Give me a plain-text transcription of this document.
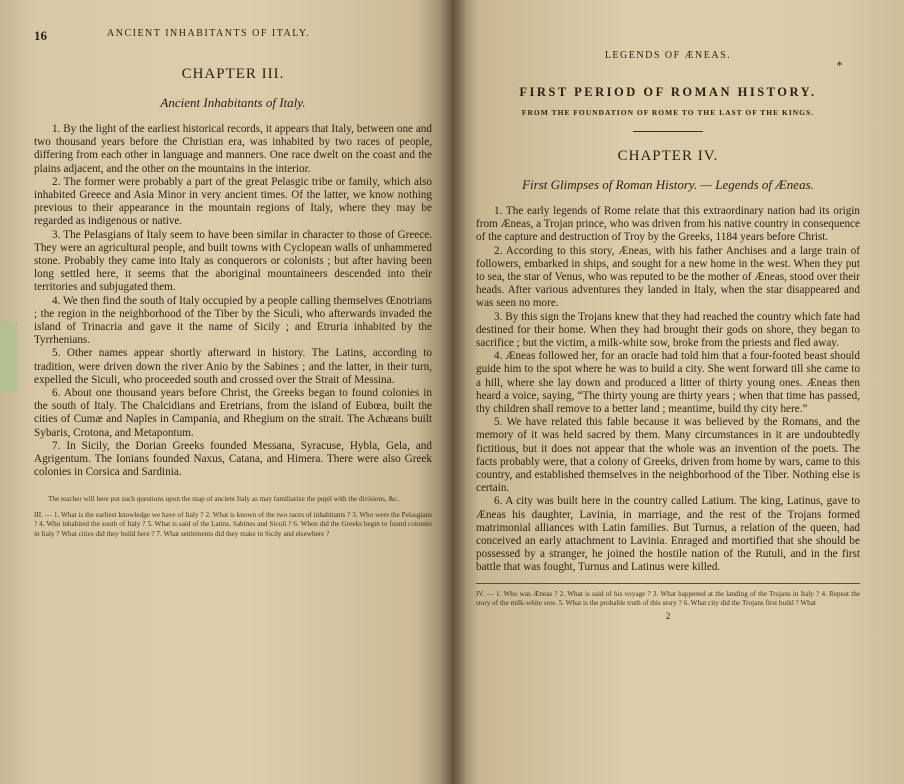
16	ANCIENT INHABITANTS OF ITALY.
CHAPTER III.
Ancient Inhabitants of Italy.

1. By the light of the earliest historical records, it appears that Italy, between one and two thousand years before the Christian era, was inhabited by two races of people, differing from each other in language and manners. One race dwelt on the coast and the plains adjacent, and the other on the mountains in the interior.

2. The former were probably a part of the great Pelasgic tribe or family, which also inhabited Greece and Asia Minor in very ancient times. Of the latter, we know nothing previous to their appearance in the mountain regions of Italy, where they may be regarded as indigenous or native.

3. The Pelasgians of Italy seem to have been similar in character to those of Greece. They were an agricultural people, and built towns with Cyclopean walls of unhammered stone. Probably they came into Italy as conquerors or colonists ; but after having been long settled here, it seems that the aboriginal mountaineers descended into their territories and subjugated them.

4. We then find the south of Italy occupied by a people calling themselves Œnotrians ; the region in the neighborhood of the Tiber by the Siculi, who afterwards invaded the island of Trinacria and gave it the name of Sicily ; and Etruria inhabited by the Tyrrhenians.

5. Other names appear shortly afterward in history. The Latins, according to tradition, were driven down the river Anio by the Sabines ; and the latter, in their turn, expelled the Siculi, who proceeded south and crossed over the Strait of Messina.

6. About one thousand years before Christ, the Greeks began to found colonies in the south of Italy. The Chalcidians and Eretrians, from the island of Eubœa, built the cities of Cumæ and Naples in Campania, and Rhegium on the strait. The Achæans built Sybaris, Crotona, and Metapontum.

7. In Sicily, the Dorian Greeks founded Messana, Syracuse, Hybla, Gela, and Agrigentum. The Ionians founded Naxus, Catana, and Himera. There were also Greek colonies in Corsica and Sardinia.

The teacher will here put such questions upon the map of ancient Italy as may familiarize the pupil with the divisions, &c.

III. — 1. What is the earliest knowledge we have of Italy ? 2. What is known of the two races of inhabitants ? 3. Who were the Pelasgians ? 4. Who inhabited the south of Italy ? 5. What is said of the Latins, Sabines and Siculi ? 6. When did the Greeks begin to found colonies in Italy ? What cities did they build here ? 7. What settlements did they make in Sicily and elsewhere ?
LEGENDS OF ÆNEAS.
*
FIRST PERIOD OF ROMAN HISTORY.
FROM THE FOUNDATION OF ROME TO THE LAST OF THE KINGS.
CHAPTER IV.
First Glimpses of Roman History. — Legends of Æneas.

1. The early legends of Rome relate that this extraordinary nation had its origin from Æneas, a Trojan prince, who was driven from his native country in consequence of the capture and destruction of Troy by the Greeks, 1184 years before Christ.

2. According to this story, Æneas, with his father Anchises and a large train of followers, embarked in ships, and sought for a new home in the west. When they put to sea, the star of Venus, who was reputed to be the mother of Æneas, stood over their heads. After various adventures they landed in Italy, when the star disappeared and was seen no more.

3. By this sign the Trojans knew that they had reached the country which fate had destined for their home. When they had brought their gods on shore, they began to sacrifice ; but the victim, a milk-white sow, broke from the priests and fled away.

4. Æneas followed her, for an oracle had told him that a four-footed beast should guide him to the spot where he was to build a city. She went forward till she came to a hill, where she lay down and produced a litter of thirty young ones. Æneas then heard a voice, saying, “The thirty young are thirty years ; when that time has passed, thy children shall remove to a better land ; meantime, build thy city here.”

5. We have related this fable because it was believed by the Romans, and the memory of it was held sacred by them. Many circumstances in it are undoubtedly fictitious, but it does not appear that the whole was an invention of the poets. The facts probably were, that a colony of Greeks, driven from home by wars, came to this country, and established themselves in the neighborhood of the Tiber. Nothing else is certain.

6. A city was built here in the country called Latium. The king, Latinus, gave to Æneas his daughter, Lavinia, in marriage, and the rest of the Trojans formed matrimonial alliances with Latin families. But Turnus, a relation of the queen, had conceived an early attachment to Lavinia. Enraged and mortified that she should be possessed by a stranger, he joined the hostile nation of the Rutuli, and in the first battle that was fought, Turnus and Latinus were killed.

IV. — 1. Who was Æneas ? 2. What is said of his voyage ? 3. What happened at the landing of the Trojans in Italy ? 4. Repeat the story of the milk-white sow. 5. What is the probable truth of this story ? 6. What city did the Trojans first build ? What
2
